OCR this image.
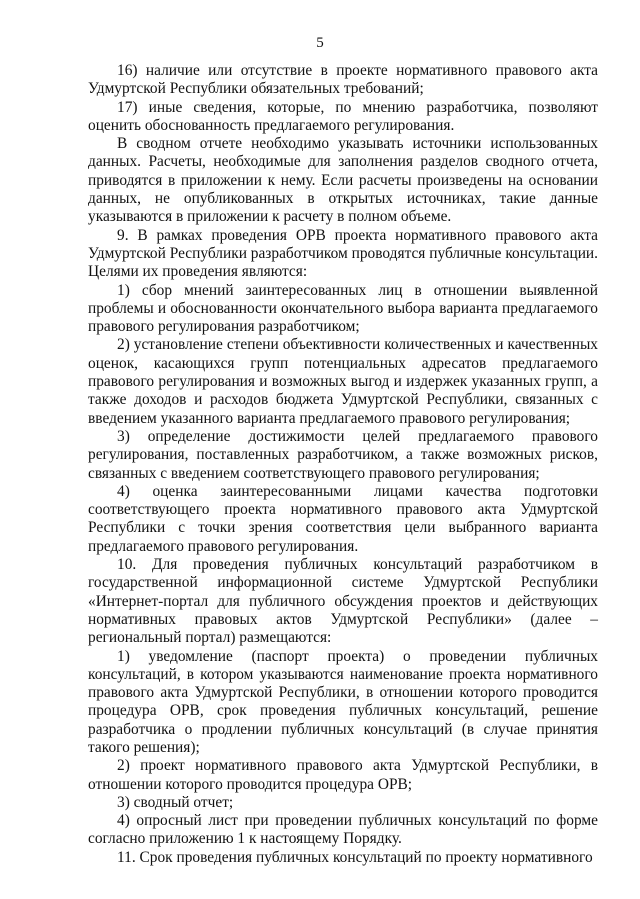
5

16) наличие или отсутствие в проекте нормативного правового акта Удмуртской Республики обязательных требований;

17) иные сведения, которые, по мнению разработчика, позволяют оценить обоснованность предлагаемого регулирования.

В сводном отчете необходимо указывать источники использованных данных. Расчеты, необходимые для заполнения разделов сводного отчета, приводятся в приложении к нему. Если расчеты произведены на основании данных, не опубликованных в открытых источниках, такие данные указываются в приложении к расчету в полном объеме.

9. В рамках проведения ОРВ проекта нормативного правового акта Удмуртской Республики разработчиком проводятся публичные консультации. Целями их проведения являются:

1) сбор мнений заинтересованных лиц в отношении выявленной проблемы и обоснованности окончательного выбора варианта предлагаемого правового регулирования разработчиком;

2) установление степени объективности количественных и качественных оценок, касающихся групп потенциальных адресатов предлагаемого правового регулирования и возможных выгод и издержек указанных групп, а также доходов и расходов бюджета Удмуртской Республики, связанных с введением указанного варианта предлагаемого правового регулирования;

3) определение достижимости целей предлагаемого правового регулирования, поставленных разработчиком, а также возможных рисков, связанных с введением соответствующего правового регулирования;

4) оценка заинтересованными лицами качества подготовки соответствующего проекта нормативного правового акта Удмуртской Республики с точки зрения соответствия цели выбранного варианта предлагаемого правового регулирования.

10. Для проведения публичных консультаций разработчиком в государственной информационной системе Удмуртской Республики «Интернет-портал для публичного обсуждения проектов и действующих нормативных правовых актов Удмуртской Республики» (далее – региональный портал) размещаются:

1) уведомление (паспорт проекта) о проведении публичных консультаций, в котором указываются наименование проекта нормативного правового акта Удмуртской Республики, в отношении которого проводится процедура ОРВ, срок проведения публичных консультаций, решение разработчика о продлении публичных консультаций (в случае принятия такого решения);

2) проект нормативного правового акта Удмуртской Республики, в отношении которого проводится процедура ОРВ;

3) сводный отчет;

4) опросный лист при проведении публичных консультаций по форме согласно приложению 1 к настоящему Порядку.

11. Срок проведения публичных консультаций по проекту нормативного
